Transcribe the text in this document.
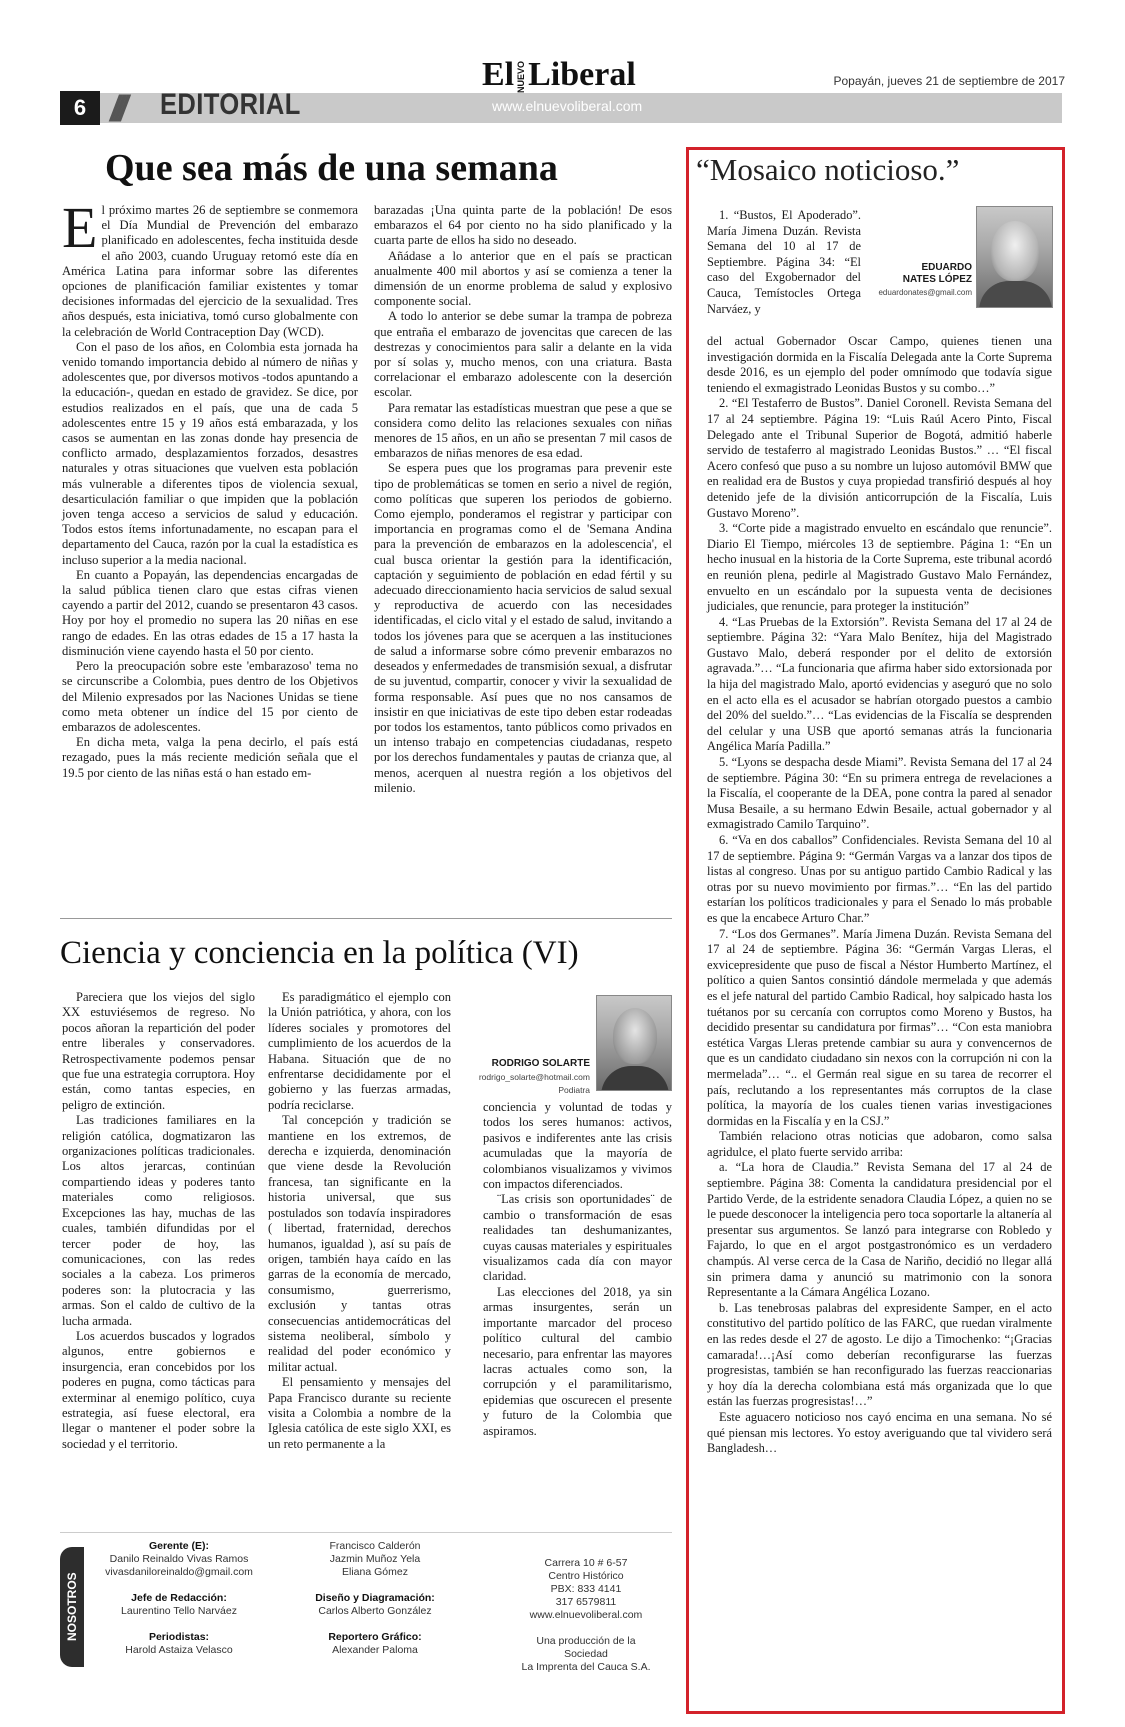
6 ///	EDITORIAL	www.elnuevoliberal.com
El NUEVOLiberal	Popayán, jueves 21 de septiembre de 2017
Que sea más de una semana

El próximo martes 26 de septiembre se conmemora el Día Mundial de Prevención del embarazo planificado en adolescentes, fecha instituida desde el año 2003, cuando Uruguay retomó este día en América Latina para informar sobre las diferentes opciones de planificación familiar existentes y tomar decisiones informadas del ejercicio de la sexualidad. Tres años después, esta iniciativa, tomó curso globalmente con la celebración de World Contraception Day (WCD).

Con el paso de los años, en Colombia esta jornada ha venido tomando importancia debido al número de niñas y adolescentes que, por diversos motivos -todos apuntando a la educación-, quedan en estado de gravidez. Se dice, por estudios realizados en el país, que una de cada 5 adolescentes entre 15 y 19 años está embarazada, y los casos se aumentan en las zonas donde hay presencia de conflicto armado, desplazamientos forzados, desastres naturales y otras situaciones que vuelven esta población más vulnerable a diferentes tipos de violencia sexual, desarticulación familiar o que impiden que la población joven tenga acceso a servicios de salud y educación. Todos estos ítems infortunadamente, no escapan para el departamento del Cauca, razón por la cual la estadística es incluso superior a la media nacional.

En cuanto a Popayán, las dependencias encargadas de la salud pública tienen claro que estas cifras vienen cayendo a partir del 2012, cuando se presentaron 43 casos. Hoy por hoy el promedio no supera las 20 niñas en ese rango de edades. En las otras edades de 15 a 17 hasta la disminución viene cayendo hasta el 50 por ciento.

Pero la preocupación sobre este 'embarazoso' tema no se circunscribe a Colombia, pues dentro de los Objetivos del Milenio expresados por las Naciones Unidas se tiene como meta obtener un índice del 15 por ciento de embarazos de adolescentes.

En dicha meta, valga la pena decirlo, el país está rezagado, pues la más reciente medición señala que el 19.5 por ciento de las niñas está o han estado em-

barazadas ¡Una quinta parte de la población! De esos embarazos el 64 por ciento no ha sido planificado y la cuarta parte de ellos ha sido no deseado.

Añádase a lo anterior que en el país se practican anualmente 400 mil abortos y así se comienza a tener la dimensión de un enorme problema de salud y explosivo componente social.

A todo lo anterior se debe sumar la trampa de pobreza que entraña el embarazo de jovencitas que carecen de las destrezas y conocimientos para salir a delante en la vida por sí solas y, mucho menos, con una criatura. Basta correlacionar el embarazo adolescente con la deserción escolar.

Para rematar las estadísticas muestran que pese a que se considera como delito las relaciones sexuales con niñas menores de 15 años, en un año se presentan 7 mil casos de embarazos de niñas menores de esa edad.

Se espera pues que los programas para prevenir este tipo de problemáticas se tomen en serio a nivel de región, como políticas que superen los periodos de gobierno. Como ejemplo, ponderamos el registrar y participar con importancia en programas como el de 'Semana Andina para la prevención de embarazos en la adolescencia', el cual busca orientar la gestión para la identificación, captación y seguimiento de población en edad fértil y su adecuado direccionamiento hacia servicios de salud sexual y reproductiva de acuerdo con las necesidades identificadas, el ciclo vital y el estado de salud, invitando a todos los jóvenes para que se acerquen a las instituciones de salud a informarse sobre cómo prevenir embarazos no deseados y enfermedades de transmisión sexual, a disfrutar de su juventud, compartir, conocer y vivir la sexualidad de forma responsable. Así pues que no nos cansamos de insistir en que iniciativas de este tipo deben estar rodeadas por todos los estamentos, tanto públicos como privados en un intenso trabajo en competencias ciudadanas, respeto por los derechos fundamentales y pautas de crianza que, al menos, acerquen al nuestra región a los objetivos del milenio.

Ciencia y conciencia en la política (VI)

Pareciera que los viejos del siglo XX estuviésemos de regreso. No pocos añoran la repartición del poder entre liberales y conservadores. Retrospectivamente podemos pensar que fue una estrategia corruptora. Hoy están, como tantas especies, en peligro de extinción.

Las tradiciones familiares en la religión católica, dogmatizaron las organizaciones políticas tradicionales. Los altos jerarcas, continúan compartiendo ideas y poderes tanto materiales como religiosos. Excepciones las hay, muchas de las cuales, también difundidas por el tercer poder de hoy, las comunicaciones, con las redes sociales a la cabeza. Los primeros poderes son: la plutocracia y las armas. Son el caldo de cultivo de la lucha armada.

Los acuerdos buscados y logrados algunos, entre gobiernos e insurgencia, eran concebidos por los poderes en pugna, como tácticas para exterminar al enemigo político, cuya estrategia, así fuese electoral, era llegar o mantener el poder sobre la sociedad y el territorio.

Es paradigmático el ejemplo con la Unión patriótica, y ahora, con los líderes sociales y promotores del cumplimiento de los acuerdos de la Habana. Situación que de no enfrentarse decididamente por el gobierno y las fuerzas armadas, podría reciclarse.

Tal concepción y tradición se mantiene en los extremos, de derecha e izquierda, denominación que viene desde la Revolución francesa, tan significante en la historia universal, que sus postulados son todavía inspiradores ( libertad, fraternidad, derechos humanos, igualdad ), así su país de origen, también haya caído en las garras de la economía de mercado, consumismo, guerrerismo, exclusión y tantas otras consecuencias antidemocráticas del sistema neoliberal, símbolo y realidad del poder económico y militar actual.

El pensamiento y mensajes del Papa Francisco durante su reciente visita a Colombia a nombre de la Iglesia católica de este siglo XXI, es un reto permanente a la

RODRIGO SOLARTE
rodrigo_solarte@hotmail.com
Podiatra

conciencia y voluntad de todas y todos los seres humanos: activos, pasivos e indiferentes ante las crisis acumuladas que la mayoría de colombianos visualizamos y vivimos con impactos diferenciados.

¨Las crisis son oportunidades¨ de cambio o transformación de esas realidades tan deshumanizantes, cuyas causas materiales y espirituales visualizamos cada día con mayor claridad.

Las elecciones del 2018, ya sin armas insurgentes, serán un importante marcador del proceso político cultural del cambio necesario, para enfrentar las mayores lacras actuales como son, la corrupción y el paramilitarismo, epidemias que oscurecen el presente y futuro de la Colombia que aspiramos.

“Mosaico noticioso.”
EDUARDO
NATES LÓPEZ
eduardonates@gmail.com

1. “Bustos, El Apoderado”. María Jimena Duzán. Revista Semana del 10 al 17 de Septiembre. Página 34: “El caso del Exgobernador del Cauca, Temístocles Ortega Narváez, y

del actual Gobernador Oscar Campo, quienes tienen una investigación dormida en la Fiscalía Delegada ante la Corte Suprema desde 2016, es un ejemplo del poder omnímodo que todavía sigue teniendo el exmagistrado Leonidas Bustos y su combo…”

2. “El Testaferro de Bustos”. Daniel Coronell. Revista Semana del 17 al 24 septiembre. Página 19: “Luis Raúl Acero Pinto, Fiscal Delegado ante el Tribunal Superior de Bogotá, admitió haberle servido de testaferro al magistrado Leonidas Bustos.” … “El fiscal Acero confesó que puso a su nombre un lujoso automóvil BMW que en realidad era de Bustos y cuya propiedad transfirió después al hoy detenido jefe de la división anticorrupción de la Fiscalía, Luis Gustavo Moreno”.

3. “Corte pide a magistrado envuelto en escándalo que renuncie”. Diario El Tiempo, miércoles 13 de septiembre. Página 1: “En un hecho inusual en la historia de la Corte Suprema, este tribunal acordó en reunión plena, pedirle al Magistrado Gustavo Malo Fernández, envuelto en un escándalo por la supuesta venta de decisiones judiciales, que renuncie, para proteger la institución”

4. “Las Pruebas de la Extorsión”. Revista Semana del 17 al 24 de septiembre. Página 32: “Yara Malo Benítez, hija del Magistrado Gustavo Malo, deberá responder por el delito de extorsión agravada.”… “La funcionaria que afirma haber sido extorsionada por la hija del magistrado Malo, aportó evidencias y aseguró que no solo en el acto ella es el acusador se habrían otorgado puestos a cambio del 20% del sueldo.”… “Las evidencias de la Fiscalía se desprenden del celular y una USB que aportó semanas atrás la funcionaria Angélica María Padilla.”

5. “Lyons se despacha desde Miami”. Revista Semana del 17 al 24 de septiembre. Página 30: “En su primera entrega de revelaciones a la Fiscalía, el cooperante de la DEA, pone contra la pared al senador Musa Besaile, a su hermano Edwin Besaile, actual gobernador y al exmagistrado Camilo Tarquino”.

6. “Va en dos caballos” Confidenciales. Revista Semana del 10 al 17 de septiembre. Página 9: “Germán Vargas va a lanzar dos tipos de listas al congreso. Unas por su antiguo partido Cambio Radical y las otras por su nuevo movimiento por firmas.”… “En las del partido estarían los políticos tradicionales y para el Senado lo más probable es que la encabece Arturo Char.”

7. “Los dos Germanes”. María Jimena Duzán. Revista Semana del 17 al 24 de septiembre. Página 36: “Germán Vargas Lleras, el exvicepresidente que puso de fiscal a Néstor Humberto Martínez, el político a quien Santos consintió dándole mermelada y que además es el jefe natural del partido Cambio Radical, hoy salpicado hasta los tuétanos por su cercanía con corruptos como Moreno y Bustos, ha decidido presentar su candidatura por firmas”… “Con esta maniobra estética Vargas Lleras pretende cambiar su aura y convencernos de que es un candidato ciudadano sin nexos con la corrupción ni con la mermelada”… “.. el Germán real sigue en su tarea de recorrer el país, reclutando a los representantes más corruptos de la clase política, la mayoría de los cuales tienen varias investigaciones dormidas en la Fiscalía y en la CSJ.”

También relaciono otras noticias que adobaron, como salsa agridulce, el plato fuerte servido arriba:

a. “La hora de Claudia.” Revista Semana del 17 al 24 de septiembre. Página 38: Comenta la candidatura presidencial por el Partido Verde, de la estridente senadora Claudia López, a quien no se le puede desconocer la inteligencia pero toca soportarle la altanería al presentar sus argumentos. Se lanzó para integrarse con Robledo y Fajardo, lo que en el argot postgastronómico es un verdadero champús. Al verse cerca de la Casa de Nariño, decidió no llegar allá sin primera dama y anunció su matrimonio con la sonora Representante a la Cámara Angélica Lozano.

b. Las tenebrosas palabras del expresidente Samper, en el acto constitutivo del partido político de las FARC, que ruedan viralmente en las redes desde el 27 de agosto. Le dijo a Timochenko: “¡Gracias camarada!…¡Así como deberían reconfigurarse las fuerzas progresistas, también se han reconfigurado las fuerzas reaccionarias y hoy día la derecha colombiana está más organizada que lo que están las fuerzas progresistas!…”

Este aguacero noticioso nos cayó encima en una semana. No sé qué piensan mis lectores. Yo estoy averiguando que tal vividero será Bangladesh…

NOSOTROS
Gerente (E):
Danilo Reinaldo Vivas Ramos
vivasdaniloreinaldo@gmail.com

Jefe de Redacción:
Laurentino Tello Narváez

Periodistas:
Harold Astaiza Velasco
Francisco Calderón
Jazmin Muñoz Yela
Eliana Gómez

Diseño y Diagramación:
Carlos Alberto González

Reportero Gráfico:
Alexander Paloma
Carrera 10 # 6-57
Centro Histórico
PBX: 833 4141
317 6579811
www.elnuevoliberal.com

Una producción de la Sociedad
La Imprenta del Cauca S.A.
